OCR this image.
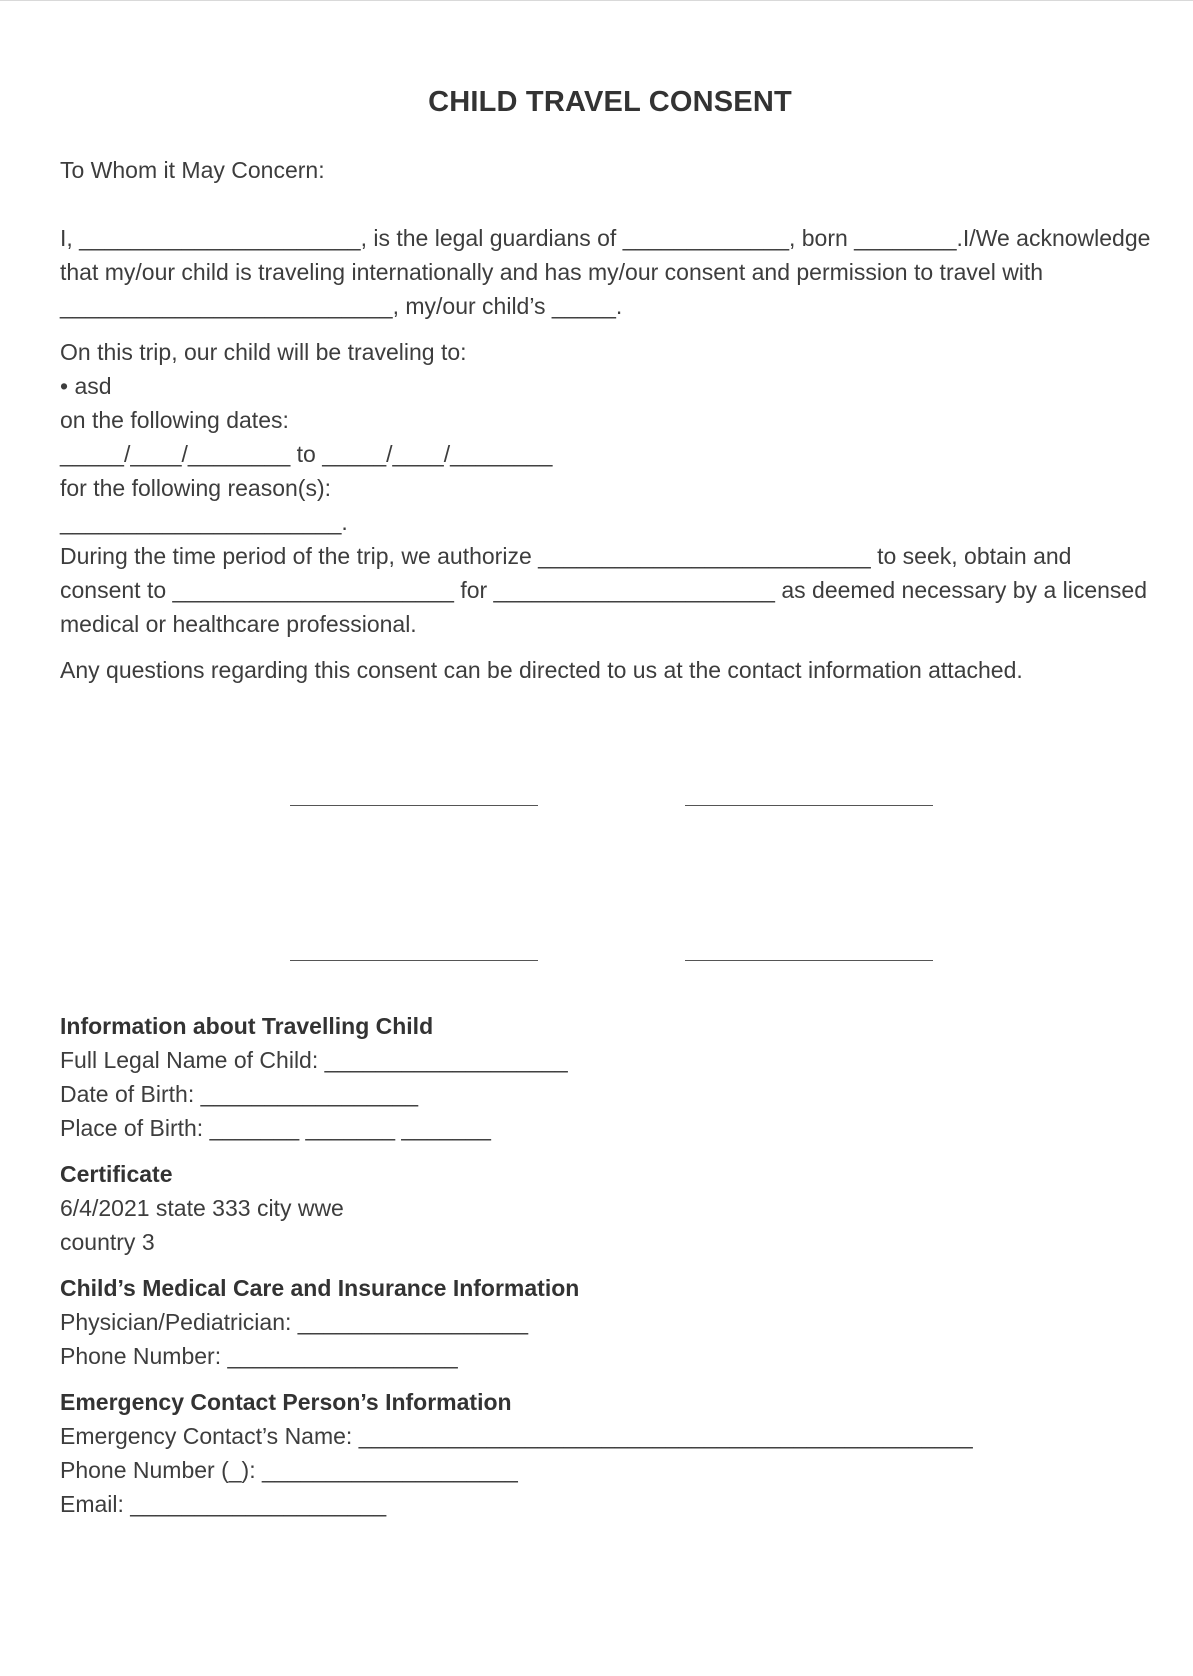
CHILD TRAVEL CONSENT
To Whom it May Concern:
I, ______________________, is the legal guardians of _____________, born ________.I/We acknowledge
that my/our child is traveling internationally and has my/our consent and permission to travel with
__________________________, my/our child’s _____.
On this trip, our child will be traveling to:
• asd
on the following dates:
_____/____/________ to _____/____/________
for the following reason(s):
______________________.
During the time period of the trip, we authorize __________________________ to seek, obtain and
consent to ______________________ for ______________________ as deemed necessary by a licensed
medical or healthcare professional.
Any questions regarding this consent can be directed to us at the contact information attached.
Information about Travelling Child
Full Legal Name of Child: ___________________
Date of Birth: _________________
Place of Birth: _______ _______ _______
Certificate
6/4/2021 state 333 city wwe
country 3
Child’s Medical Care and Insurance Information
Physician/Pediatrician: __________________
Phone Number: __________________
Emergency Contact Person’s Information
Emergency Contact’s Name: ________________________________________________
Phone Number (_): ____________________
Email: ____________________
